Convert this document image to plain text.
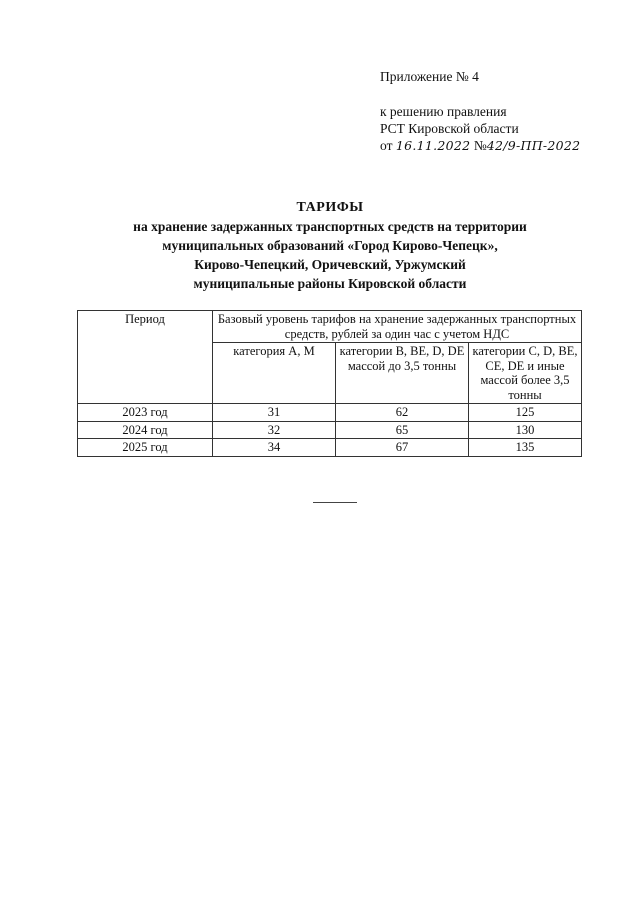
Приложение № 4
к решению правления
РСТ Кировской области
от 16.11.2022 №42/9-ПП-2022
ТАРИФЫ
на хранение задержанных транспортных средств на территории
муниципальных образований «Город Кирово-Чепецк»,
Кирово-Чепецкий, Оричевский, Уржумский
муниципальные районы Кировской области
Период	Базовый уровень тарифов на хранение задержанных транспортных средств, рублей за один час с учетом НДС		
	категория А, М	категории В, ВЕ, D, DE массой до 3,5 тонны	категории С, D, ВЕ, СЕ, DE и иные массой более 3,5 тонны
2023 год	31	62	125
2024 год	32	65	130
2025 год	34	67	135
